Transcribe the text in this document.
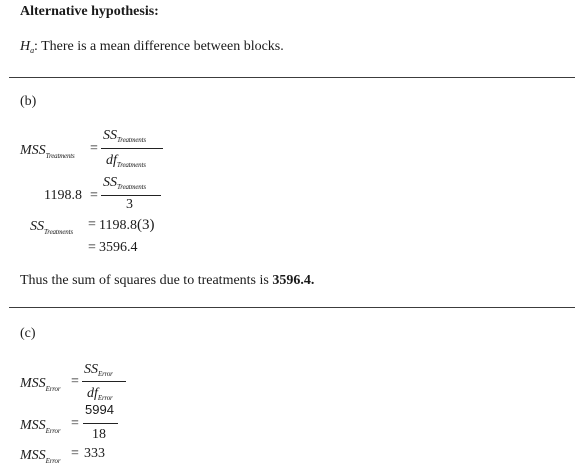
Alternative hypothesis:
$H_a$: There is a mean difference between blocks.
(b)
$MSS_{Treatments}$ =
$SS_{Treatments}$
$df_{Treatments}$
1198.8 =
$SS_{Treatments}$
3
$SS_{Treatments} = 1198.8(3)$
= 3596.4
Thus the sum of squares due to treatments is 3596.4.
(c)
$MSS_{Error}$ =
$SS_{Error}$
$df_{Error}$
$MSS_{Error}$ =
5994
18
$MSS_{Error} = 333$
